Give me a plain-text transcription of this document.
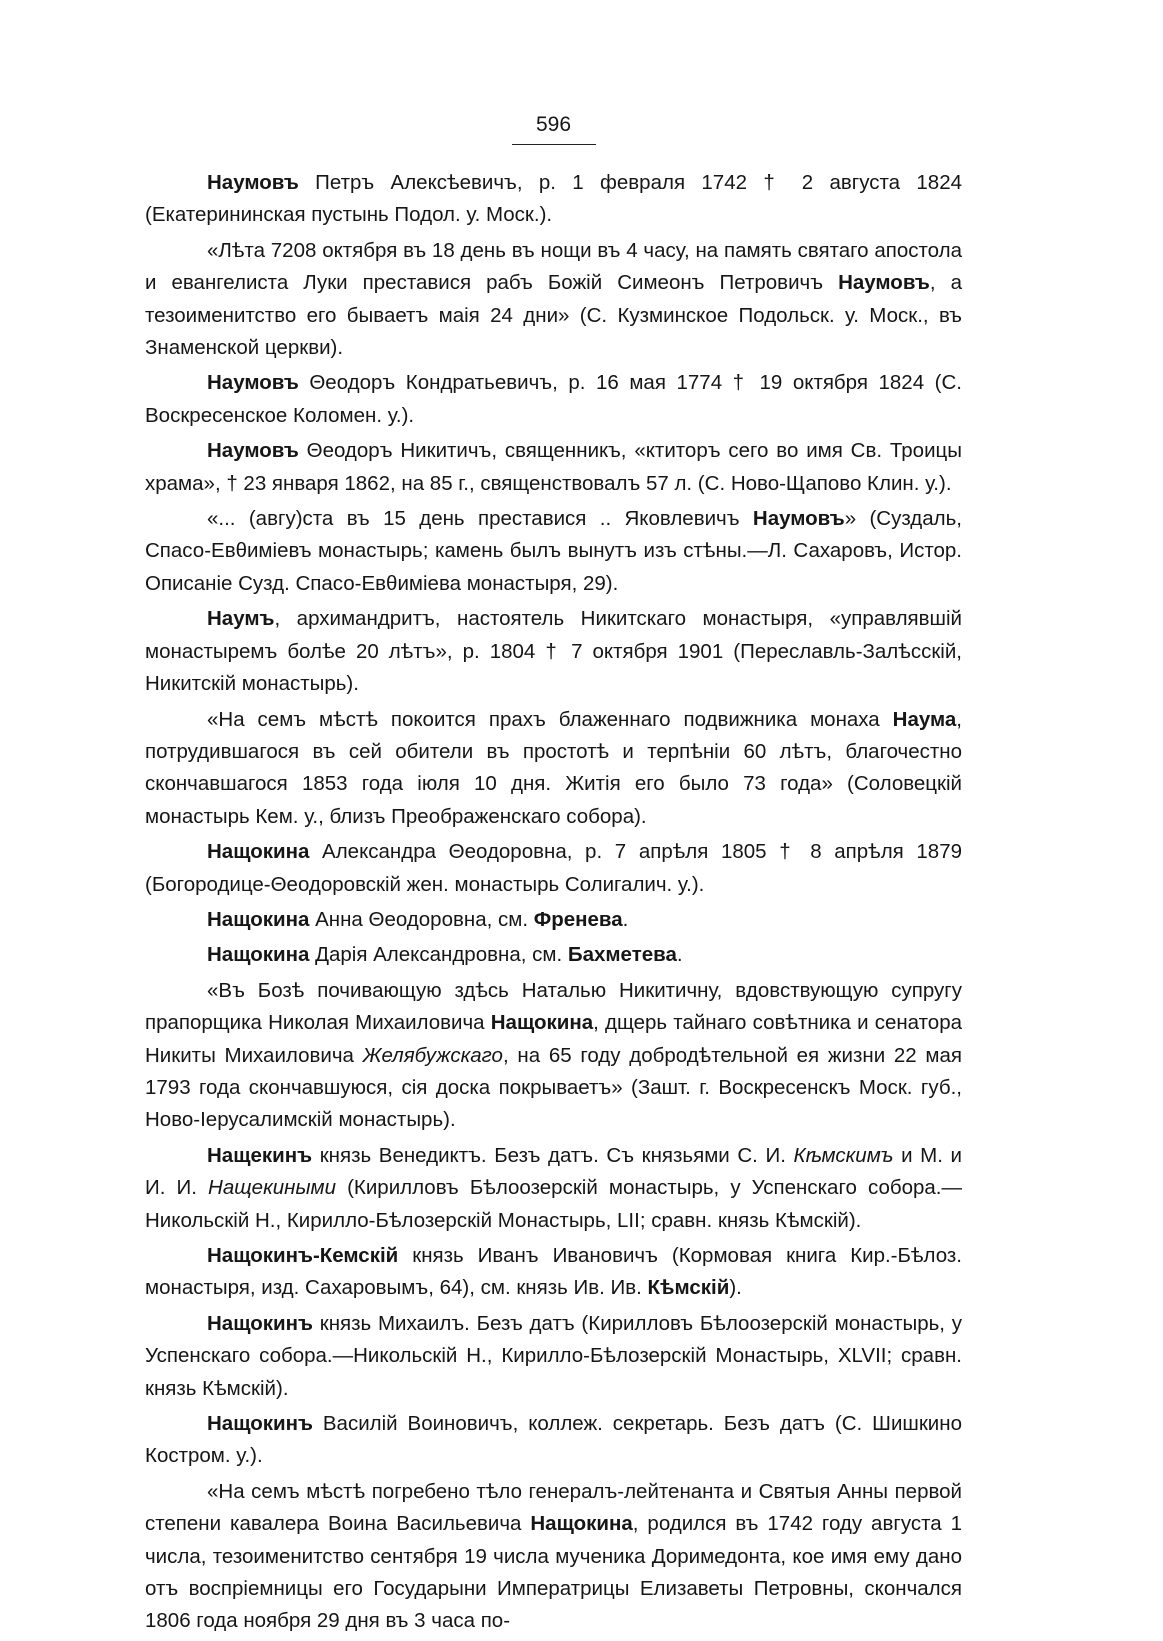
596

Наумовъ Петръ Алексѣевичъ, р. 1 февраля 1742 † 2 августа 1824 (Екатерининская пустынь Подол. у. Моск.).

«Лѣта 7208 октября въ 18 день въ нощи въ 4 часу, на память святаго апостола и евангелиста Луки преставися рабъ Божій Симеонъ Петровичъ Наумовъ, а тезоименитство его бываетъ маія 24 дни» (С. Кузминское Подольск. у. Моск., въ Знаменской церкви).

Наумовъ Θеодоръ Кондратьевичъ, р. 16 мая 1774 † 19 октября 1824 (С. Воскресенское Коломен. у.).

Наумовъ Θеодоръ Никитичъ, священникъ, «ктиторъ сего во имя Св. Троицы храма», † 23 января 1862, на 85 г., священствовалъ 57 л. (С. Ново-Щапово Клин. у.).

«... (авгу)ста въ 15 день преставися .. Яковлевичъ Наумовъ» (Суздаль, Спасо-Евθиміевъ монастырь; камень былъ вынутъ изъ стѣны.—Л. Сахаровъ, Истор. Описаніе Сузд. Спасо-Евθиміева монастыря, 29).

Наумъ, архимандритъ, настоятель Никитскаго монастыря, «управлявшій монастыремъ болѣе 20 лѣтъ», р. 1804 † 7 октября 1901 (Переславль-Залѣсскій, Никитскій монастырь).

«На семъ мѣстѣ покоится прахъ блаженнаго подвижника монаха Наума, потрудившагося въ сей обители въ простотѣ и терпѣніи 60 лѣтъ, благочестно скончавшагося 1853 года іюля 10 дня. Житія его было 73 года» (Соловецкій монастырь Кем. у., близъ Преображенскаго собора).

Нащокина Александра Θеодоровна, р. 7 апрѣля 1805 † 8 апрѣля 1879 (Богородице-Θеодоровскій жен. монастырь Солигалич. у.).

Нащокина Анна Θеодоровна, см. Френева.

Нащокина Дарія Александровна, см. Бахметева.

«Въ Бозѣ почивающую здѣсь Наталью Никитичну, вдовствующую супругу прапорщика Николая Михаиловича Нащокина, дщерь тайнаго совѣтника и сенатора Никиты Михаиловича Желябужскаго, на 65 году добродѣтельной ея жизни 22 мая 1793 года скончавшуюся, сія доска покрываетъ» (Зашт. г. Воскресенскъ Моск. губ., Ново-Іерусалимскій монастырь).

Нащекинъ князь Венедиктъ. Безъ датъ. Съ князьями С. И. Кѣмскимъ и М. и И. И. Нащекиными (Кирилловъ Бѣлоозерскій монастырь, у Успенскаго собора.—Никольскій Н., Кирилло-Бѣлозерскій Монастырь, LII; сравн. князь Кѣмскій).

Нащокинъ-Кемскій князь Иванъ Ивановичъ (Кормовая книга Кир.-Бѣлоз. монастыря, изд. Сахаровымъ, 64), см. князь Ив. Ив. Кѣмскій).

Нащокинъ князь Михаилъ. Безъ датъ (Кирилловъ Бѣлоозерскій монастырь, у Успенскаго собора.—Никольскій Н., Кирилло-Бѣлозерскій Монастырь, XLVII; сравн. князь Кѣмскій).

Нащокинъ Василій Воиновичъ, коллеж. секретарь. Безъ датъ (С. Шишкино Костром. у.).

«На семъ мѣстѣ погребено тѣло генералъ-лейтенанта и Святыя Анны первой степени кавалера Воина Васильевича Нащокина, родился въ 1742 году августа 1 числа, тезоименитство сентября 19 числа мученика Доримедонта, кое имя ему дано отъ воспріемницы его Государыни Императрицы Елизаветы Петровны, скончался 1806 года ноября 29 дня въ 3 часа по-
